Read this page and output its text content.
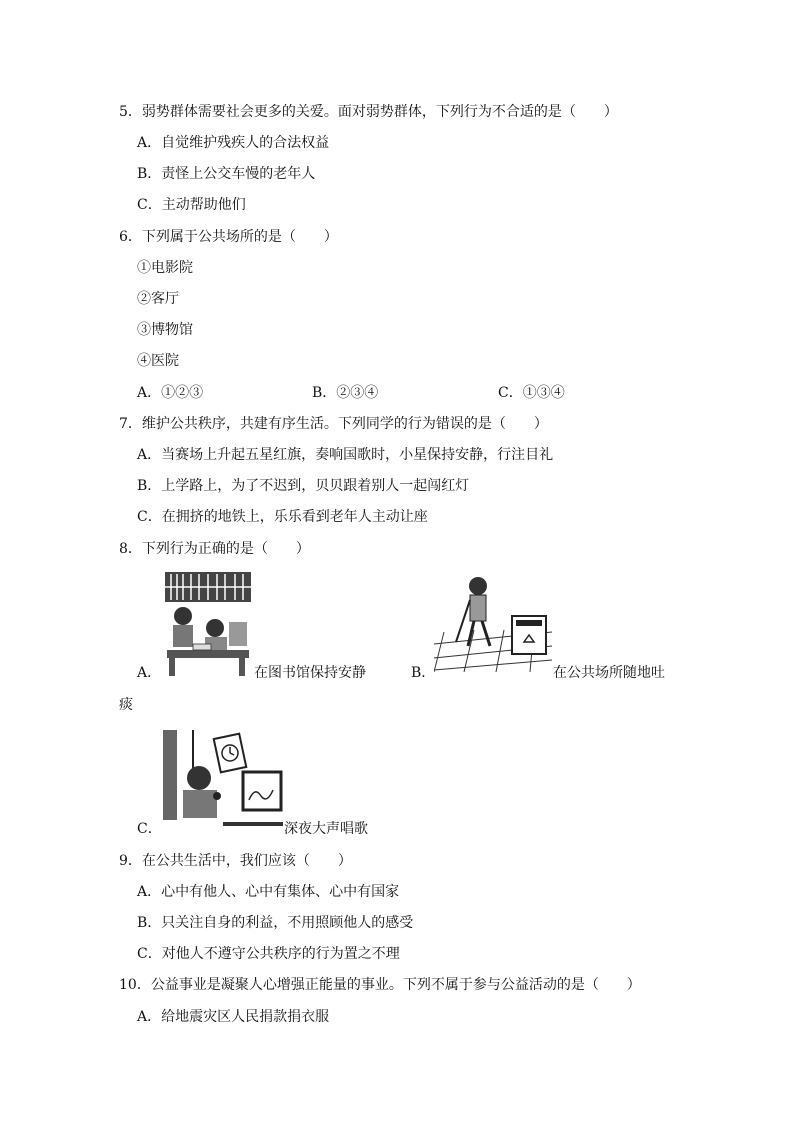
5．弱势群体需要社会更多的关爱。面对弱势群体，下列行为不合适的是（　　）
A．自觉维护残疾人的合法权益
B．责怪上公交车慢的老年人
C．主动帮助他们
6．下列属于公共场所的是（　　）
①电影院
②客厅
③博物馆
④医院
A．①②③	B．②③④	C．①③④
7．维护公共秩序，共建有序生活。下列同学的行为错误的是（　　）
A．当赛场上升起五星红旗，奏响国歌时，小星保持安静，行注目礼
B．上学路上，为了不迟到，贝贝跟着别人一起闯红灯
C．在拥挤的地铁上，乐乐看到老年人主动让座
8．下列行为正确的是（　　）
A．	在图书馆保持安静	B．	在公共场所随地吐
痰
C．	深夜大声唱歌
9．在公共生活中，我们应该（　　）
A．心中有他人、心中有集体、心中有国家
B．只关注自身的利益，不用照顾他人的感受
C．对他人不遵守公共秩序的行为置之不理
10．公益事业是凝聚人心增强正能量的事业。下列不属于参与公益活动的是（　　）
A．给地震灾区人民捐款捐衣服
